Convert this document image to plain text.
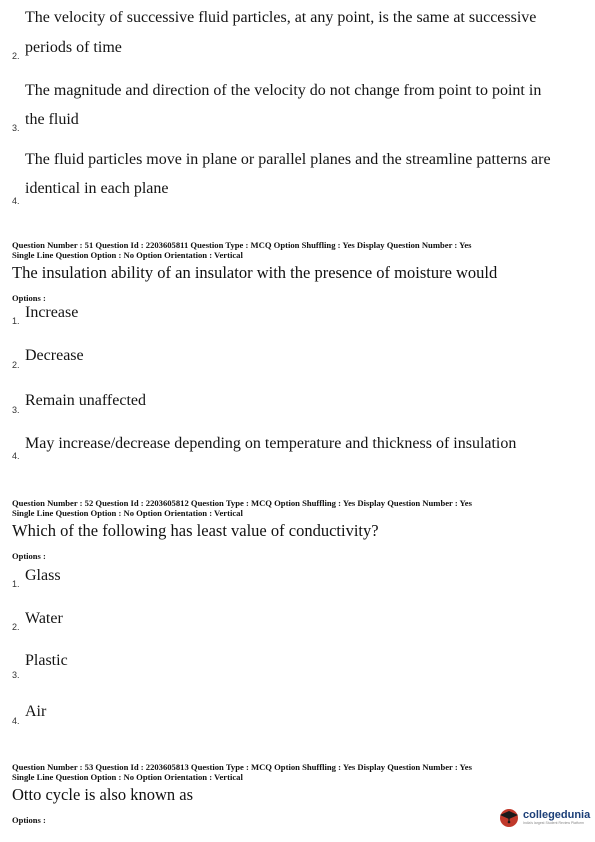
The velocity of successive fluid particles, at any point, is the same at successive
2. periods of time
The magnitude and direction of the velocity do not change from point to point in
3. the fluid
The fluid particles move in plane or parallel planes and the streamline patterns are
identical in each plane
4.
Question Number : 51 Question Id : 2203605811 Question Type : MCQ Option Shuffling : Yes Display Question Number : Yes
Single Line Question Option : No Option Orientation : Vertical
The insulation ability of an insulator with the presence of moisture would
Options :
1. Increase
2.
Decrease
3.
Remain unaffected
4.
May increase/decrease depending on temperature and thickness of insulation
Question Number : 52 Question Id : 2203605812 Question Type : MCQ Option Shuffling : Yes Display Question Number : Yes
Single Line Question Option : No Option Orientation : Vertical
Which of the following has least value of conductivity?
Options :
1. Glass
2. Water
Plastic
3.
4.
Air
Question Number : 53 Question Id : 2203605813 Question Type : MCQ Option Shuffling : Yes Display Question Number : Yes
Single Line Question Option : No Option Orientation : Vertical
Otto cycle is also known as
Options :	collegedunia
India's largest Student Review Platform
